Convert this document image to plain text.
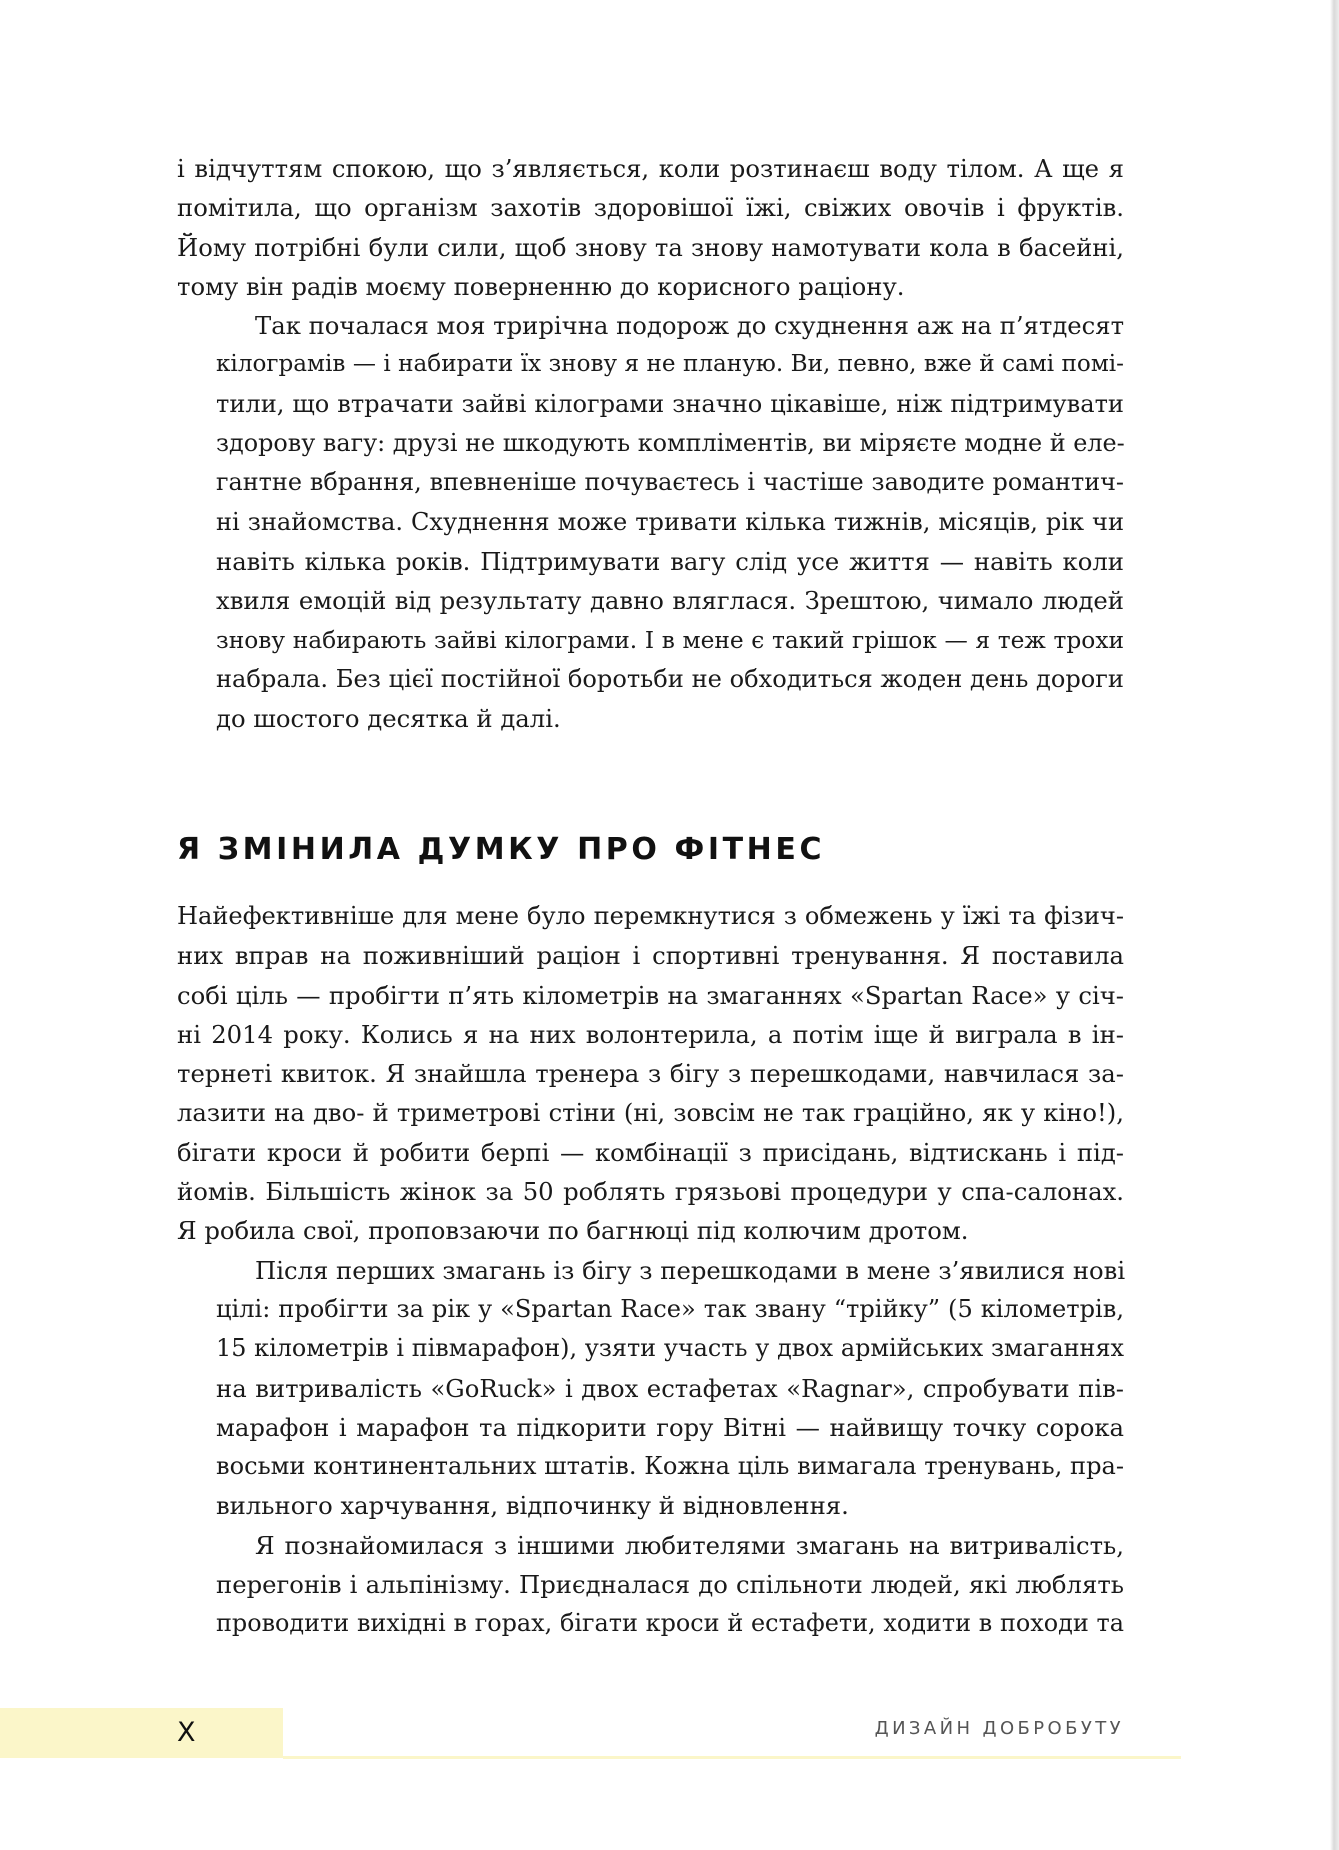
і відчуттям спокою, що з’являється, коли розтинаєш воду тілом. А ще я
помітила, що організм захотів здоровішої їжі, свіжих овочів і фруктів.
Йому потрібні були сили, щоб знову та знову намотувати кола в басейні,
тому він радів моєму поверненню до корисного раціону.

Так почалася моя трирічна подорож до схуднення аж на п’ятдесят
кілограмів — і набирати їх знову я не планую. Ви, певно, вже й самі помі-
тили, що втрачати зайві кілограми значно цікавіше, ніж підтримувати
здорову вагу: друзі не шкодують компліментів, ви міряєте модне й еле-
гантне вбрання, впевненіше почуваєтесь і частіше заводите романтич-
ні знайомства. Схуднення може тривати кілька тижнів, місяців, рік чи
навіть кілька років. Підтримувати вагу слід усе життя — навіть коли
хвиля емоцій від результату давно вляглася. Зрештою, чимало людей
знову набирають зайві кілограми. І в мене є такий грішок — я теж трохи
набрала. Без цієї постійної боротьби не обходиться жоден день дороги
до шостого десятка й далі.

Я ЗМІНИЛА ДУМКУ ПРО ФІТНЕС

Найефективніше для мене було перемкнутися з обмежень у їжі та фізич-
них вправ на поживніший раціон і спортивні тренування. Я поставила
собі ціль — пробігти п’ять кілометрів на змаганнях «Spartan Race» у січ-
ні 2014 року. Колись я на них волонтерила, а потім іще й виграла в ін-
тернеті квиток. Я знайшла тренера з бігу з перешкодами, навчилася за-
лазити на дво- й триметрові стіни (ні, зовсім не так граційно, як у кіно!),
бігати кроси й робити берпі — комбінації з присідань, відтискань і під-
йомів. Більшість жінок за 50 роблять грязьові процедури у спа-салонах.
Я робила свої, проповзаючи по багнюці під колючим дротом.

Після перших змагань із бігу з перешкодами в мене з’явилися нові
цілі: пробігти за рік у «Spartan Race» так звану “трійку” (5 кілометрів,
15 кілометрів і півмарафон), узяти участь у двох армійських змаганнях
на витривалість «GoRuck» і двох естафетах «Ragnar», спробувати пів-
марафон і марафон та підкорити гору Вітні — найвищу точку сорока
восьми континентальних штатів. Кожна ціль вимагала тренувань, пра-
вильного харчування, відпочинку й відновлення.

Я познайомилася з іншими любителями змагань на витривалість,
перегонів і альпінізму. Приєдналася до спільноти людей, які люблять
проводити вихідні в горах, бігати кроси й естафети, ходити в походи та

X	ДИЗАЙН ДОБРОБУТУ
